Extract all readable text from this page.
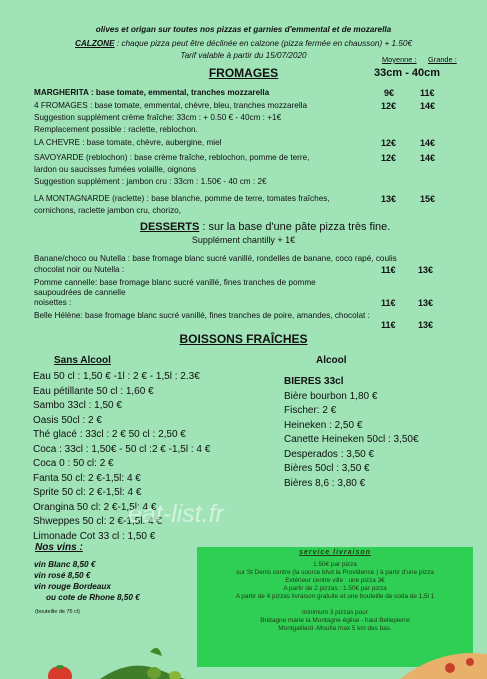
olives et origan sur toutes nos pizzas et garnies d'emmental et de mozarella
CALZONE : chaque pizza peut être déclinée en calzone (pizza fermée en chausson) + 1.50€
Tarif valable à partir du 15/07/2020	Moyenne : Grande :
FROMAGES	33cm - 40cm
MARGHERITA : base tomate, emmental, tranches mozzarella	9€	11€
4 FROMAGES : base tomate, emmental, chèvre, bleu, tranches mozzarella	12€	14€
Suggestion supplément crème fraîche: 33cm : + 0.50 € - 40cm : +1€
Remplacement possible : raclette, reblochon.
LA CHEVRE : base tomate, chèvre, aubergine, miel	12€	14€
SAVOYARDE (reblochon) : base crème fraîche, reblochon, pomme de terre,	12€	14€
lardon ou saucisses fumées volaille, oignons
Suggestion supplément : jambon cru : 33cm : 1.50€ - 40 cm : 2€
LA MONTAGNARDE (raclette) : base blanche, pomme de terre, tomates fraîches,	13€	15€
cornichons, raclette jambon cru, chorizo,
DESSERTS : sur la base d'une pâte pizza très fine.
Supplément chantilly + 1€
Banane/choco ou Nutella : base fromage blanc sucré vanillé, rondelles de banane, coco rapé, coulis
chocolat noir ou Nutella :	11€ 13€
Pomme cannelle: base fromage blanc sucré vanillé, fines tranches de pomme
saupoudrées de cannelle
noisettes :	11€ 13€
Belle Hélène: base fromage blanc sucré vanillé, fines tranches de poire, amandes, chocolat :
11€ 13€
BOISSONS FRAÎCHES
Sans Alcool	Alcool
Eau 50 cl : 1,50 € -1l : 2 € - 1,5l : 2.3€
Eau pétillante 50 cl : 1,60 €
Sambo 33cl : 1,50 €
Oasis 50cl : 2 €
Thé glacé : 33cl : 2 € 50 cl : 2,50 €
Coca : 33cl : 1,50€ - 50 cl :2 € -1,5l : 4 €
Coca 0 : 50 cl: 2 €
Fanta 50 cl: 2 €-1,5l: 4 €
Sprite 50 cl: 2 €-1,5l: 4 €
Orangina 50 cl: 2 €-1,5l: 4 €
Shweppes 50 cl: 2 €-1,5l: 4 €
Limonade Cot 33 cl : 1,50 €
BIERES 33cl
Bière bourbon 1,80 €
Fischer: 2 €
Heineken : 2,50 €
Canette Heineken 50cl : 3,50€
Desperados : 3,50 €
Bières 50cl : 3,50 €
Bières 8,6 : 3,80 €
eat-list.fr
Nos vins :
vin Blanc 8,50 €
vin rosé 8,50 €
vin rouge Bordeaux
ou cote de Rhone 8,50 €
(bouteille de 75 cl)
service livraison
1.50€ par pizza
sur St Denis centre (la source blvd la Providence ) à partir d'une pizza
Extérieur centre ville : une pizza 3€
A partir de 2 pizzas : 1.50€ par pizza
A partir de 4 pizzas livraison gratuite et une bouteille de soda de 1,5l 1
minimum 3 pizzas pour
Bretagne marie la Montagne église - haut Bellepierre
Montgaillard -Moufia max 5 km des bas.
